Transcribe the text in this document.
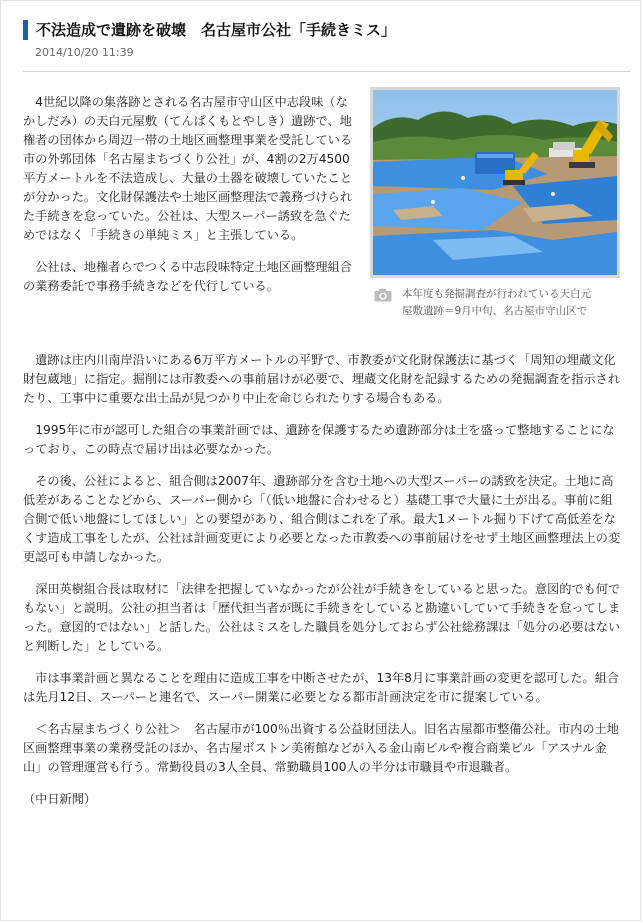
不法造成で遺跡を破壊　名古屋市公社「手続きミス」
2014/10/20 11:39
本年度も発掘調査が行われている天白元
屋敷遺跡＝9月中旬、名古屋市守山区で

4世紀以降の集落跡とされる名古屋市守山区中志段味（なかしだみ）の天白元屋敷（てんぱくもとやしき）遺跡で、地権者の団体から周辺一帯の土地区画整理事業を受託している市の外郭団体「名古屋まちづくり公社」が、4割の2万4500平方メートルを不法造成し、大量の土器を破壊していたことが分かった。文化財保護法や土地区画整理法で義務づけられた手続きを怠っていた。公社は、大型スーパー誘致を急ぐためではなく「手続きの単純ミス」と主張している。

公社は、地権者らでつくる中志段味特定土地区画整理組合の業務委託で事務手続きなどを代行している。

遺跡は庄内川南岸沿いにある6万平方メートルの平野で、市教委が文化財保護法に基づく「周知の埋蔵文化財包蔵地」に指定。掘削には市教委への事前届けが必要で、埋蔵文化財を記録するための発掘調査を指示されたり、工事中に重要な出土品が見つかり中止を命じられたりする場合もある。

1995年に市が認可した組合の事業計画では、遺跡を保護するため遺跡部分は土を盛って整地することになっており、この時点で届け出は必要なかった。

その後、公社によると、組合側は2007年、遺跡部分を含む土地への大型スーパーの誘致を決定。土地に高低差があることなどから、スーパー側から「（低い地盤に合わせると）基礎工事で大量に土が出る。事前に組合側で低い地盤にしてほしい」との要望があり、組合側はこれを了承。最大1メートル掘り下げて高低差をなくす造成工事をしたが、公社は計画変更により必要となった市教委への事前届けをせず土地区画整理法上の変更認可も申請しなかった。

深田英樹組合長は取材に「法律を把握していなかったが公社が手続きをしていると思った。意図的でも何でもない」と説明。公社の担当者は「歴代担当者が既に手続きをしていると勘違いしていて手続きを怠ってしまった。意図的ではない」と話した。公社はミスをした職員を処分しておらず公社総務課は「処分の必要はないと判断した」としている。

市は事業計画と異なることを理由に造成工事を中断させたが、13年8月に事業計画の変更を認可した。組合は先月12日、スーパーと連名で、スーパー開業に必要となる都市計画決定を市に提案している。

＜名古屋まちづくり公社＞　名古屋市が100％出資する公益財団法人。旧名古屋都市整備公社。市内の土地区画整理事業の業務受託のほか、名古屋ボストン美術館などが入る金山南ビルや複合商業ビル「アスナル金山」の管理運営も行う。常勤役員の3人全員、常勤職員100人の半分は市職員や市退職者。

（中日新聞）
